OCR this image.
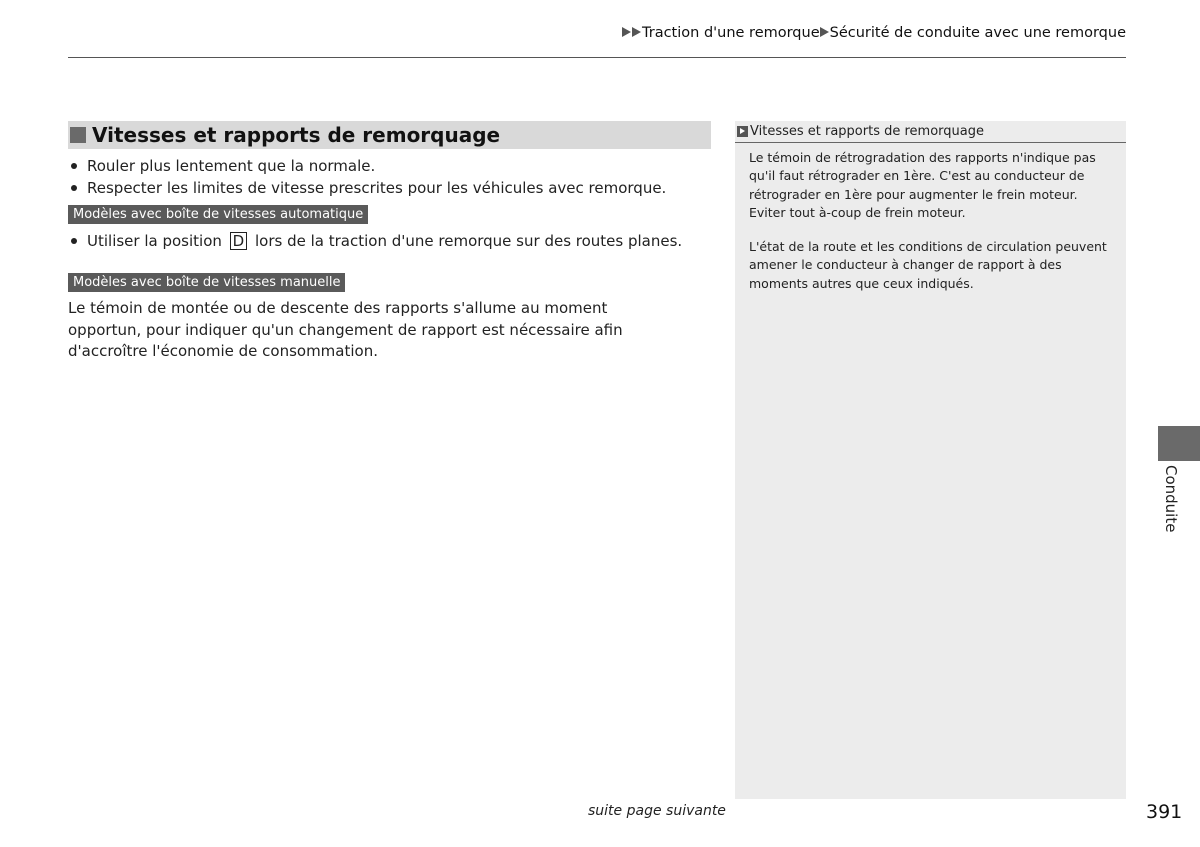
Traction d'une remorque Sécurité de conduite avec une remorque
Vitesses et rapports de remorquage
Rouler plus lentement que la normale.
Respecter les limites de vitesse prescrites pour les véhicules avec remorque.
Modèles avec boîte de vitesses automatique
Utiliser la position D lors de la traction d'une remorque sur des routes planes.
Modèles avec boîte de vitesses manuelle
Le témoin de montée ou de descente des rapports s'allume au moment opportun, pour indiquer qu'un changement de rapport est nécessaire afin d'accroître l'économie de consommation.
Vitesses et rapports de remorquage

Le témoin de rétrogradation des rapports n'indique pas qu'il faut rétrograder en 1ère. C'est au conducteur de rétrograder en 1ère pour augmenter le frein moteur. Eviter tout à-coup de frein moteur.

L'état de la route et les conditions de circulation peuvent amener le conducteur à changer de rapport à des moments autres que ceux indiqués.

Conduite
suite page suivante	391
